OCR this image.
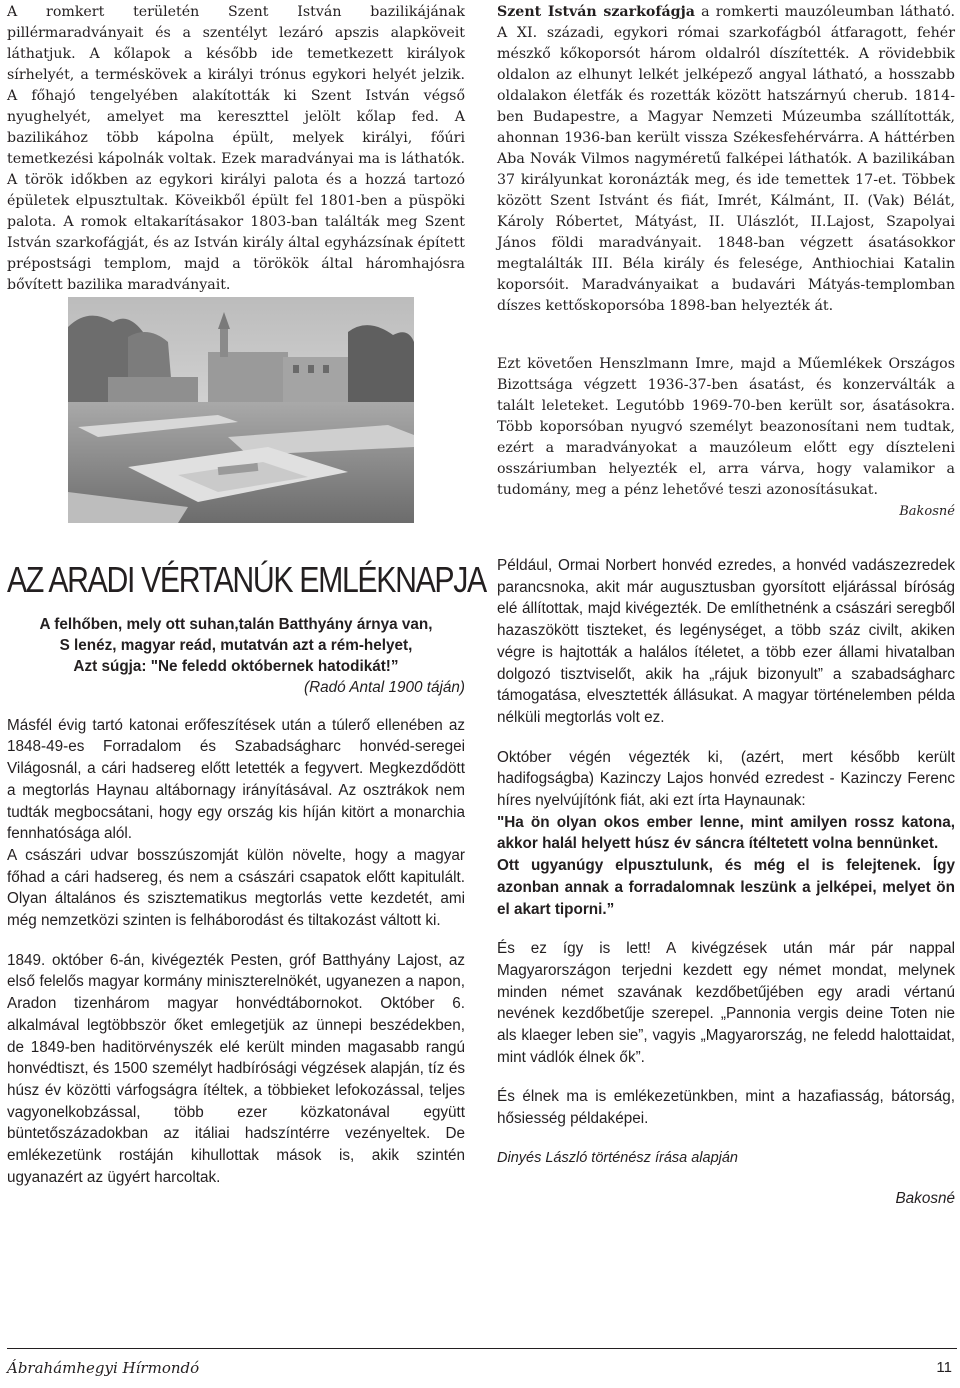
A romkert területén Szent István bazilikájának pillérmaradványait és a szentélyt lezáró apszis alapköveit láthatjuk. A kőlapok a később ide temetkezett királyok sírhelyét, a terméskövek a királyi trónus egykori helyét jelzik. A főhajó tengelyében alakították ki Szent István végső nyughelyét, amelyet ma kereszttel jelölt kőlap fed. A bazilikához több kápolna épült, melyek királyi, főúri temetkezési kápolnák voltak. Ezek maradványai ma is láthatók. A török időkben az egykori királyi palota és a hozzá tartozó épületek elpusztultak. Köveikből épült fel 1801-ben a püspöki palota. A romok eltakarításakor 1803-ban találták meg Szent István szarkofágját, és az István király által egyházsínak épített prépostsági templom, majd a törökök által háromhajósra bővített bazilika maradványait.

Szent István szarkofágja a romkerti mauzóleumban látható. A XI. századi, egykori római szarkofágból átfaragott, fehér mészkő kőkoporsót három oldalról díszítették. A rövidebbik oldalon az elhunyt lelkét jelképező angyal látható, a hosszabb oldalakon életfák és rozetták között hatszárnyú cherub. 1814-ben Budapestre, a Magyar Nemzeti Múzeumba szállították, ahonnan 1936-ban került vissza Székesfehérvárra. A háttérben Aba Novák Vilmos nagyméretű falképei láthatók. A bazilikában 37 királyunkat koronázták meg, és ide temettek 17-et. Többek között Szent Istvánt és fiát, Imrét, Kálmánt, II. (Vak) Bélát, Károly Róbertet, Mátyást, II. Ulászlót, II.Lajost, Szapolyai János földi maradványait. 1848-ban végzett ásatásokkor megtalálták III. Béla király és felesége, Anthiochiai Katalin koporsóit. Maradványaikat a budavári Mátyás-templomban díszes kettőskoporsóba 1898-ban helyezték át.

Ezt követően Henszlmann Imre, majd a Műemlékek Országos Bizottsága végzett 1936-37-ben ásatást, és konzerválták a talált leleteket. Legutóbb 1969-70-ben került sor, ásatásokra. Több koporsóban nyugvó személyt beazonosítani nem tudtak, ezért a maradványokat a mauzóleum előtt egy díszteleni osszáriumban helyezték el, arra várva, hogy valamikor a tudomány, meg a pénz lehetővé teszi azonosításukat.

Bakosné

AZ ARADI VÉRTANÚK EMLÉKNAPJA

A felhőben, mely ott suhan,talán Batthyány árnya van,

S lenéz, magyar reád, mutatván azt a rém-helyet,

Azt súgja: "Ne feledd októbernek hatodikát!”

(Radó Antal 1900 táján)

Másfél évig tartó katonai erőfeszítések után a túlerő ellenében az 1848-49-es Forradalom és Szabadságharc honvéd-seregei Világosnál, a cári hadsereg előtt letették a fegyvert. Megkezdődött a megtorlás Haynau altábornagy irányításával. Az osztrákok nem tudták megbocsátani, hogy egy ország kis híján kitört a monarchia fennhatósága alól.

A császári udvar bosszúszomját külön növelte, hogy a magyar főhad a cári hadsereg, és nem a császári csapatok előtt kapitulált. Olyan általános és szisztematikus megtorlás vette kezdetét, ami még nemzetközi szinten is felháborodást és tiltakozást váltott ki.

1849. október 6-án, kivégezték Pesten, gróf Batthyány Lajost, az első felelős magyar kormány miniszterelnökét, ugyanezen a napon, Aradon tizenhárom magyar honvédtábornokot. Október 6. alkalmával legtöbbször őket emlegetjük az ünnepi beszédekben, de 1849-ben haditörvényszék elé került minden magasabb rangú honvédtiszt, és 1500 személyt hadbírósági végzések alapján, tíz és húsz év közötti várfogságra ítéltek, a többieket lefokozással, teljes vagyonelkobzással, több ezer közkatonával együtt büntetőszázadokban az itáliai hadszíntérre vezényeltek. De emlékezetünk rostáján kihullottak mások is, akik szintén ugyanazért az ügyért harcoltak.

Például, Ormai Norbert honvéd ezredes, a honvéd vadászezredek parancsnoka, akit már augusztusban gyorsított eljárással bíróság elé állítottak, majd kivégezték. De említhetnénk a császári seregből hazaszökött tiszteket, és legénységet, a több száz civilt, akiken végre is hajtották a halálos ítéletet, a több ezer állami hivatalban dolgozó tisztviselőt, akik ha „rájuk bizonyult” a szabadságharc támogatása, elvesztették állásukat. A magyar történelemben példa nélküli megtorlás volt ez.

Október végén végezték ki, (azért, mert később került hadifogságba) Kazinczy Lajos honvéd ezredest - Kazinczy Ferenc híres nyelvújítónk fiát, aki ezt írta Haynaunak:

"Ha ön olyan okos ember lenne, mint amilyen rossz katona, akkor halál helyett húsz év sáncra ítéltetett volna bennünket.

Ott ugyanúgy elpusztulunk, és még el is felejtenek. Így azonban annak a forradalomnak leszünk a jelképei, melyet ön el akart tiporni.”

És ez így is lett! A kivégzések után már pár nappal Magyarországon terjedni kezdett egy német mondat, melynek minden német szavának kezdőbetűjében egy aradi vértanú nevének kezdőbetűje szerepel. „Pannonia vergis deine Toten nie als klaeger leben sie”, vagyis „Magyarország, ne feledd halottaidat, mint vádlók élnek ők”.

És élnek ma is emlékezetünkben, mint a hazafiasság, bátorság, hősiesség példaképei.

Dinyés László történész írása alapján

Bakosné

Ábrahámhegyi Hírmondó	11
